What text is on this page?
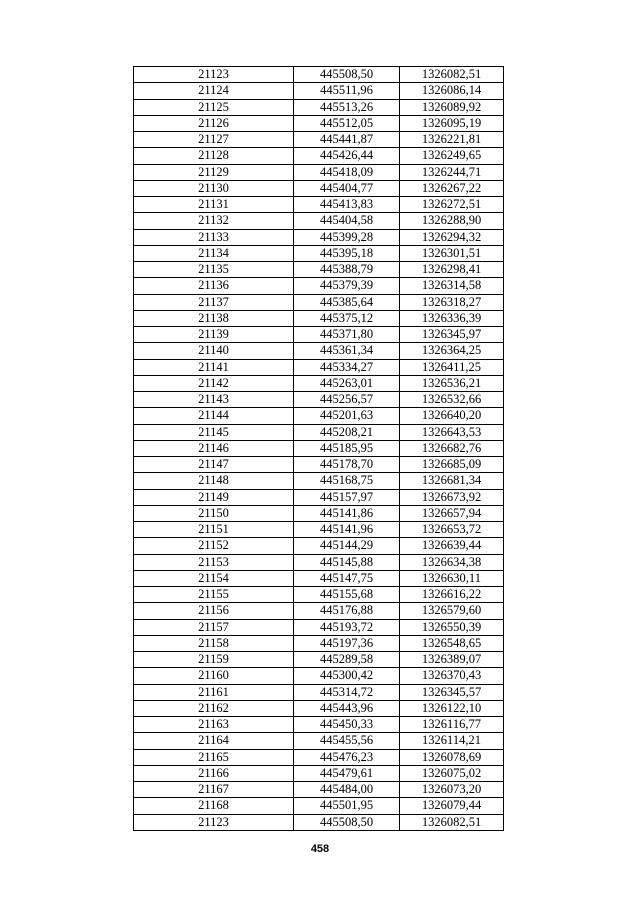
21123	445508,50	1326082,51
21124	445511,96	1326086,14
21125	445513,26	1326089,92
21126	445512,05	1326095,19
21127	445441,87	1326221,81
21128	445426,44	1326249,65
21129	445418,09	1326244,71
21130	445404,77	1326267,22
21131	445413,83	1326272,51
21132	445404,58	1326288,90
21133	445399,28	1326294,32
21134	445395,18	1326301,51
21135	445388,79	1326298,41
21136	445379,39	1326314,58
21137	445385,64	1326318,27
21138	445375,12	1326336,39
21139	445371,80	1326345,97
21140	445361,34	1326364,25
21141	445334,27	1326411,25
21142	445263,01	1326536,21
21143	445256,57	1326532,66
21144	445201,63	1326640,20
21145	445208,21	1326643,53
21146	445185,95	1326682,76
21147	445178,70	1326685,09
21148	445168,75	1326681,34
21149	445157,97	1326673,92
21150	445141,86	1326657,94
21151	445141,96	1326653,72
21152	445144,29	1326639,44
21153	445145,88	1326634,38
21154	445147,75	1326630,11
21155	445155,68	1326616,22
21156	445176,88	1326579,60
21157	445193,72	1326550,39
21158	445197,36	1326548,65
21159	445289,58	1326389,07
21160	445300,42	1326370,43
21161	445314,72	1326345,57
21162	445443,96	1326122,10
21163	445450,33	1326116,77
21164	445455,56	1326114,21
21165	445476,23	1326078,69
21166	445479,61	1326075,02
21167	445484,00	1326073,20
21168	445501,95	1326079,44
21123	445508,50	1326082,51
458
